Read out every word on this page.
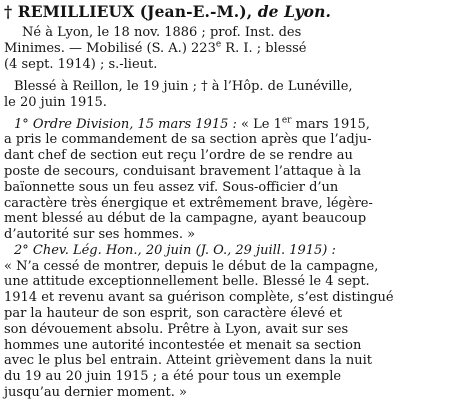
† REMILLIEUX (Jean-E.-M.), de Lyon.

Né à Lyon, le 18 nov. 1886 ; prof. Inst. des

Minimes. — Mobilisé (S. A.) 223e R. I. ; blessé

(4 sept. 1914) ; s.-lieut.

Blessé à Reillon, le 19 juin ; † à l’Hôp. de Lunéville,

le 20 juin 1915.

1° Ordre Division, 15 mars 1915 : « Le 1er mars 1915,

a pris le commandement de sa section après que l’adju-

dant chef de section eut reçu l’ordre de se rendre au

poste de secours, conduisant bravement l’attaque à la

baïonnette sous un feu assez vif. Sous-officier d’un

caractère très énergique et extrêmement brave, légère-

ment blessé au début de la campagne, ayant beaucoup

d’autorité sur ses hommes. »

2° Chev. Lég. Hon., 20 juin (J. O., 29 juill. 1915) :

« N’a cessé de montrer, depuis le début de la campagne,

une attitude exceptionnellement belle. Blessé le 4 sept.

1914 et revenu avant sa guérison complète, s’est distingué

par la hauteur de son esprit, son caractère élevé et

son dévouement absolu. Prêtre à Lyon, avait sur ses

hommes une autorité incontestée et menait sa section

avec le plus bel entrain. Atteint grièvement dans la nuit

du 19 au 20 juin 1915 ; a été pour tous un exemple

jusqu’au dernier moment. »
